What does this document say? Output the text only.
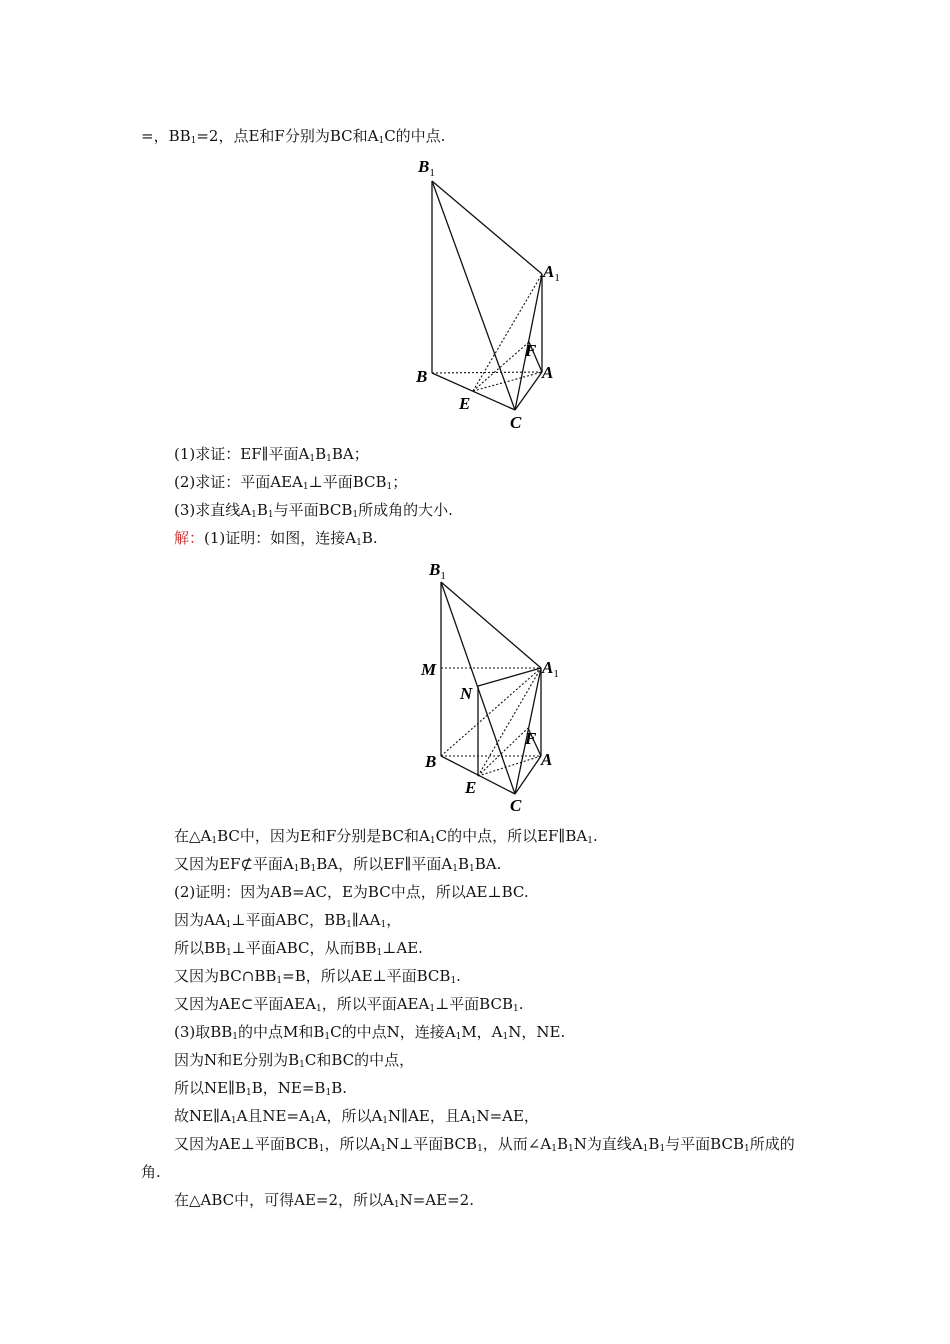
=，$BB_1=2$，点E和F分别为BC和$A_1C$的中点.
$B_1$
$A_1$
F
B	A
E
C
(1)求证：EF∥平面$A_1B_1BA$；
(2)求证：平面$AEA_1\perp$平面$BCB_1$；
(3)求直线$A_1B_1$与平面$BCB_1$所成角的大小.
解：(1)证明：如图，连接$A_1B$.
$B_1$
$A_1$
M
N
F
B	A
E
C
在$\triangle A_1BC$中，因为E和F分别是BC和$A_1C$的中点，所以$EF\parallel BA_1$.
又因为EF⊄平面$A_1B_1BA$，所以EF∥平面$A_1B_1BA$.
(2)证明：因为AB=AC，E为BC中点，所以AE⊥BC.
因为$AA_1\perp$平面ABC，$BB_1\parallel AA_1$，
所以$BB_1\perp$平面ABC，从而$BB_1\perp AE$.
又因为$BC\cap BB_1=B$，所以AE⊥平面$BCB_1$.
又因为AE⊂平面$AEA_1$，所以平面$AEA_1\perp$平面$BCB_1$.
(3)取$BB_1$的中点M和$B_1C$的中点N，连接$A_1M$，$A_1N$，NE.
因为N和E分别为$B_1C$和BC的中点，
所以$NE\parallel B_1B$，$NE=B_1B$.
故$NE\parallel A_1A$且$NE=A_1A$，所以$A_1N\parallel AE$，且$A_1N=AE$，
又因为AE⊥平面$BCB_1$，所以$A_1N\perp$平面$BCB_1$，从而$\angle A_1B_1N$为直线$A_1B_1$与平面$BCB_1$所成的
角.
在△ABC中，可得AE=2，所以$A_1N=AE=2$.
